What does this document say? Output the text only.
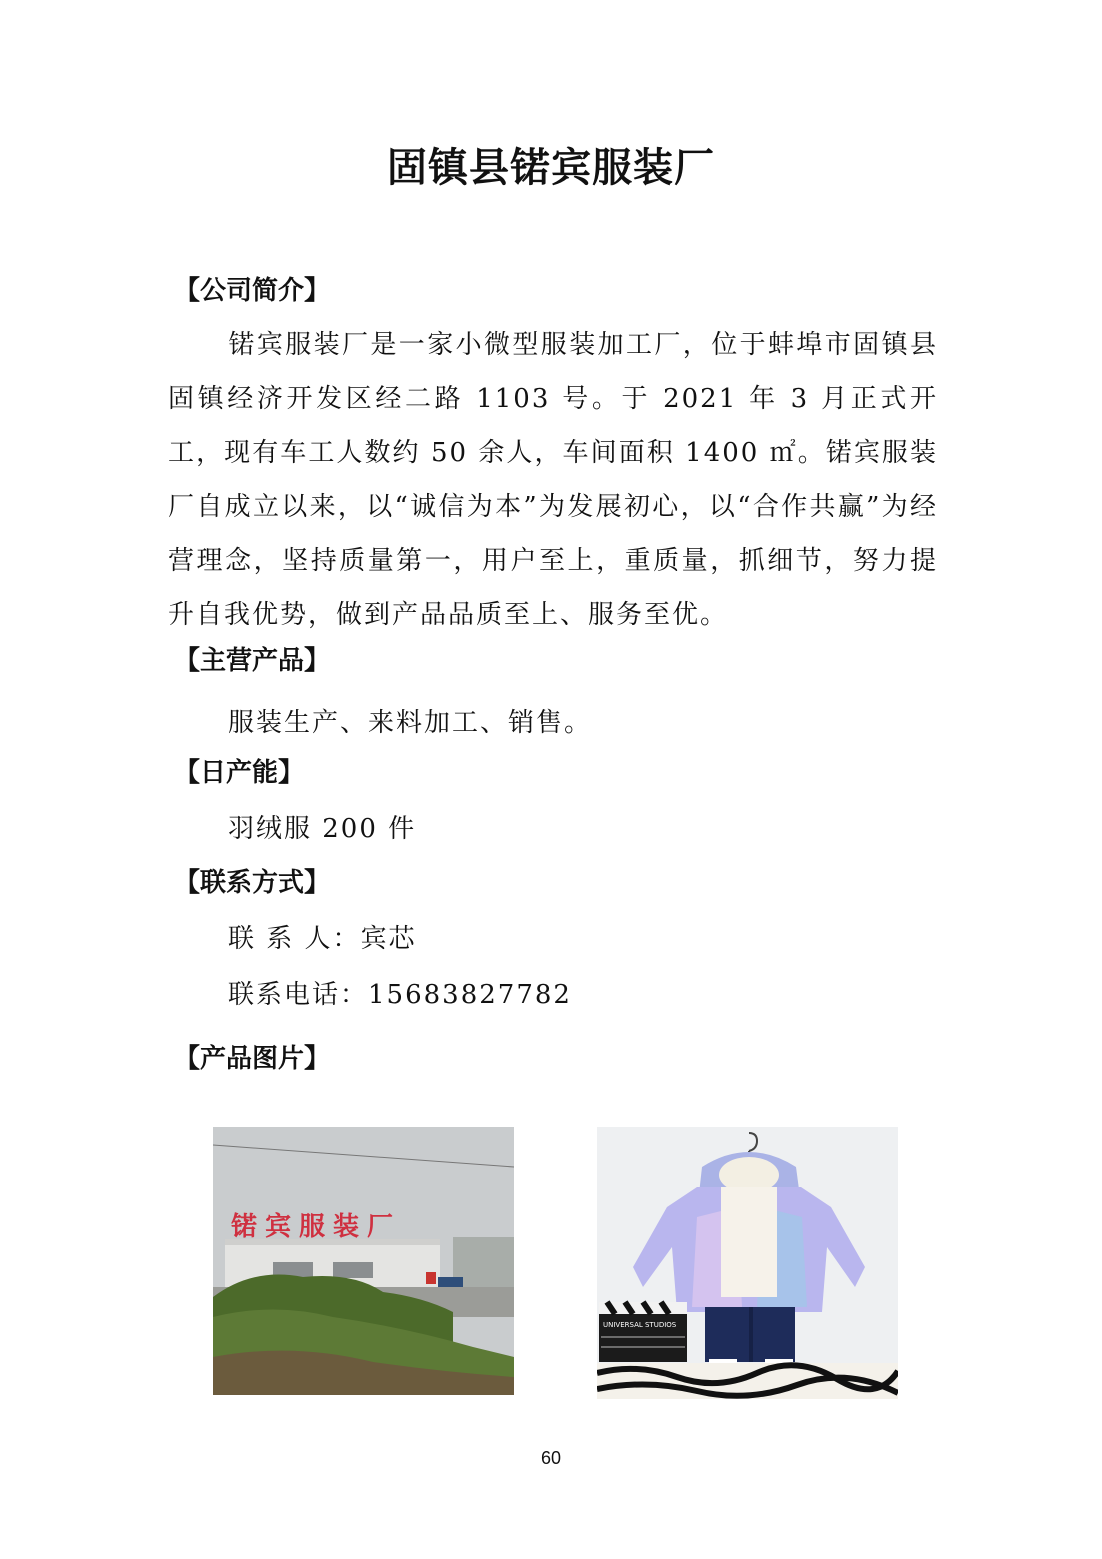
固镇县锘宾服装厂
【公司简介】
锘宾服装厂是一家小微型服装加工厂，位于蚌埠市固镇县固镇经济开发区经二路 1103 号。于 2021 年 3 月正式开工，现有车工人数约 50 余人，车间面积 1400 ㎡。锘宾服装厂自成立以来，以“诚信为本”为发展初心，以“合作共赢”为经营理念，坚持质量第一，用户至上，重质量，抓细节，努力提升自我优势，做到产品品质至上、服务至优。
【主营产品】
服装生产、来料加工、销售。
【日产能】
羽绒服 200 件
【联系方式】
联 系 人：宾芯
联系电话：15683827782
【产品图片】
锘宾服装厂
UNIVERSAL STUDIOS
60
